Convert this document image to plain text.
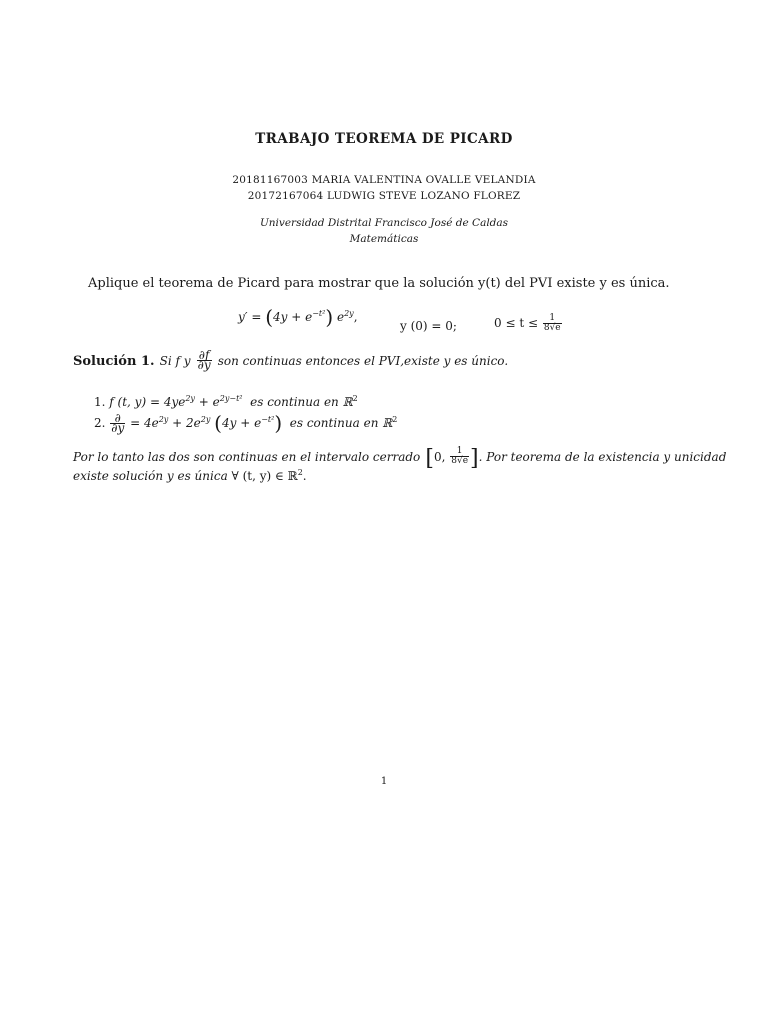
TRABAJO TEOREMA DE PICARD
20181167003 MARIA VALENTINA OVALLE VELANDIA
20172167064 LUDWIG STEVE LOZANO FLOREZ
Universidad Distrital Francisco José de Caldas
Matemáticas
Aplique el teorema de Picard para mostrar que la solución y(t) del PVI existe y es única.
$y' = (4y + e^{-t^2})$ $e^{2y}$,
y (0) = 0;	$0 \le t \le \frac{1}{8√e}$
Solución 1. Si f y $\frac{\partial f}{\partial y}$ son continuas entonces el PVI,existe y es único.
1. f (t, $y) = 4ye^{2y} + e^{2y-t^2}$ es continua en ℝ$^2$
2. $\frac{\partial}{\partial y} = 4e^{2y} + 2e^{2y}$ $(4y + e^{-t^2})$ es continua en ℝ$^2$
Por lo tanto las dos son continuas en el intervalo cerrado [0, $\frac{1}{8√e}$ ]. Por teorema de la existencia y unicidad
existe solución y es única ∀ (t, y) ∈ ℝ$^2$.
1
